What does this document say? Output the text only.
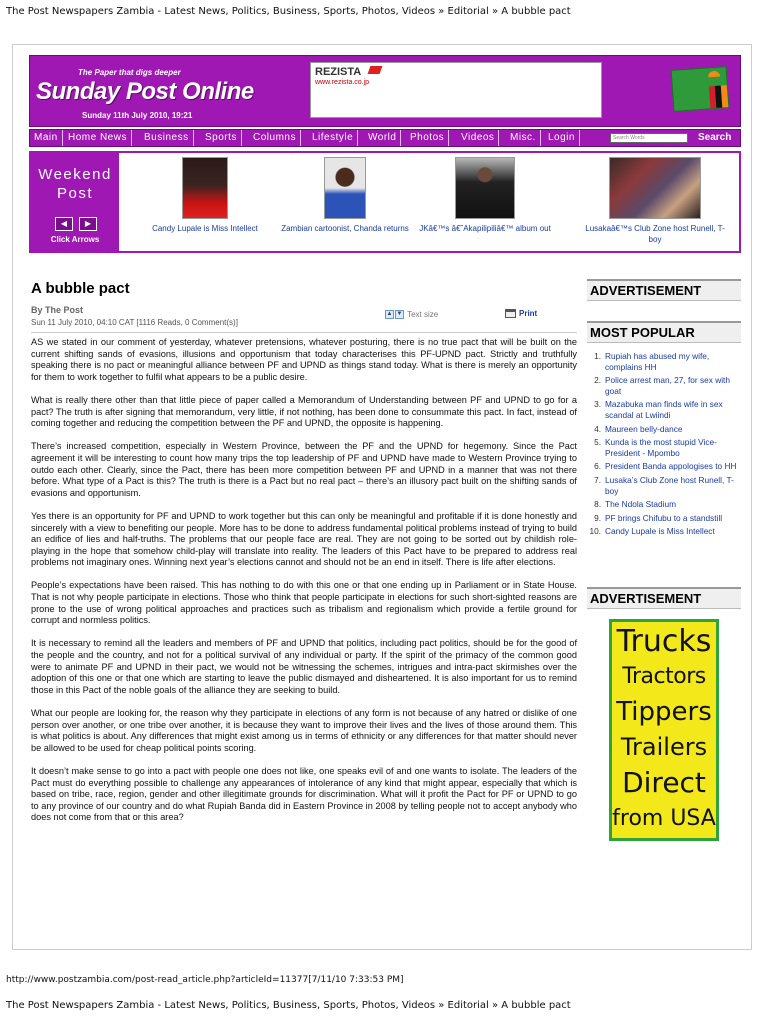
The Post Newspapers Zambia - Latest News, Politics, Business, Sports, Photos, Videos » Editorial » A bubble pact
The Paper that digs deeper
Sunday Post Online
Sunday 11th July 2010, 19:21
REZISTA
www.rezista.co.jp
Main	Home News	Business	Sports	Columns	Lifestyle	World	Photos	Videos	Misc.	Login	Search Words	Search
Weekend
Post
◀	▶
Click Arrows
Candy Lupale is Miss Intellect	Zambian cartoonist, Chanda returns	JKâ€™s â€˜Akapilipiliâ€™ album out	Lusakaâ€™s Club Zone host Runell, T-boy
A bubble pact
By The Post
Sun 11 July 2010, 04:10 CAT [1116 Reads, 0 Comment(s)]
▲ ▼ Text size	Print

AS we stated in our comment of yesterday, whatever pretensions, whatever posturing, there is no true pact that will be built on the current shifting sands of evasions, illusions and opportunism that today characterises this PF-UPND pact. Strictly and truthfully speaking there is no pact or meaningful alliance between PF and UPND as things stand today. What is there is merely an opportunity for them to work together to fulfil what appears to be a public desire.

What is really there other than that little piece of paper called a Memorandum of Understanding between PF and UPND to go for a pact? The truth is after signing that memorandum, very little, if not nothing, has been done to consummate this pact. In fact, instead of coming together and reducing the competition between the PF and UPND, the opposite is happening.

There’s increased competition, especially in Western Province, between the PF and the UPND for hegemony. Since the Pact agreement it will be interesting to count how many trips the top leadership of PF and UPND have made to Western Province trying to outdo each other. Clearly, since the Pact, there has been more competition between PF and UPND in a manner that was not there before. What type of a Pact is this? The truth is there is a Pact but no real pact – there’s an illusory pact built on the shifting sands of evasions and opportunism.

Yes there is an opportunity for PF and UPND to work together but this can only be meaningful and profitable if it is done honestly and sincerely with a view to benefiting our people. More has to be done to address fundamental political problems instead of trying to build an edifice of lies and half-truths. The problems that our people face are real. They are not going to be sorted out by childish role-playing in the hope that somehow child-play will translate into reality. The leaders of this Pact have to be prepared to address real problems not imaginary ones. Winning next year’s elections cannot and should not be an end in itself. There is life after elections.

People’s expectations have been raised. This has nothing to do with this one or that one ending up in Parliament or in State House. That is not why people participate in elections. Those who think that people participate in elections for such short-sighted reasons are prone to the use of wrong political approaches and practices such as tribalism and regionalism which provide a fertile ground for corrupt and normless politics.

It is necessary to remind all the leaders and members of PF and UPND that politics, including pact politics, should be for the good of the people and the country, and not for a political survival of any individual or party. If the spirit of the primacy of the common good were to animate PF and UPND in their pact, we would not be witnessing the schemes, intrigues and intra-pact skirmishes over the adoption of this one or that one which are starting to leave the public dismayed and disheartened. It is also important for us to remind those in this Pact of the noble goals of the alliance they are seeking to build.

What our people are looking for, the reason why they participate in elections of any form is not because of any hatred or dislike of one person over another, or one tribe over another, it is because they want to improve their lives and the lives of those around them. This is what politics is about. Any differences that might exist among us in terms of ethnicity or any differences for that matter should never be allowed to be used for cheap political points scoring.

It doesn’t make sense to go into a pact with people one does not like, one speaks evil of and one wants to isolate. The leaders of the Pact must do everything possible to challenge any appearances of intolerance of any kind that might appear, especially that which is based on tribe, race, region, gender and other illegitimate grounds for discrimination. What will it profit the Pact for PF or UPND to go to any province of our country and do what Rupiah Banda did in Eastern Province in 2008 by telling people not to accept anybody who does not come from that or this area?

ADVERTISEMENT
MOST POPULAR
1. Rupiah has abused my wife, complains HH
2. Police arrest man, 27, for sex with goat
3. Mazabuka man finds wife in sex scandal at Lwiindi
4. Maureen belly-dance
5. Kunda is the most stupid Vice-President - Mpombo
6. President Banda appologises to HH
7. Lusaka’s Club Zone host Runell, T-boy
8. The Ndola Stadium
9. PF brings Chifubu to a standstill
10. Candy Lupale is Miss Intellect
ADVERTISEMENT
Trucks
Tractors
Tippers
Trailers
Direct
from USA
http://www.postzambia.com/post-read_article.php?articleId=11377[7/11/10 7:33:53 PM]
The Post Newspapers Zambia - Latest News, Politics, Business, Sports, Photos, Videos » Editorial » A bubble pact
